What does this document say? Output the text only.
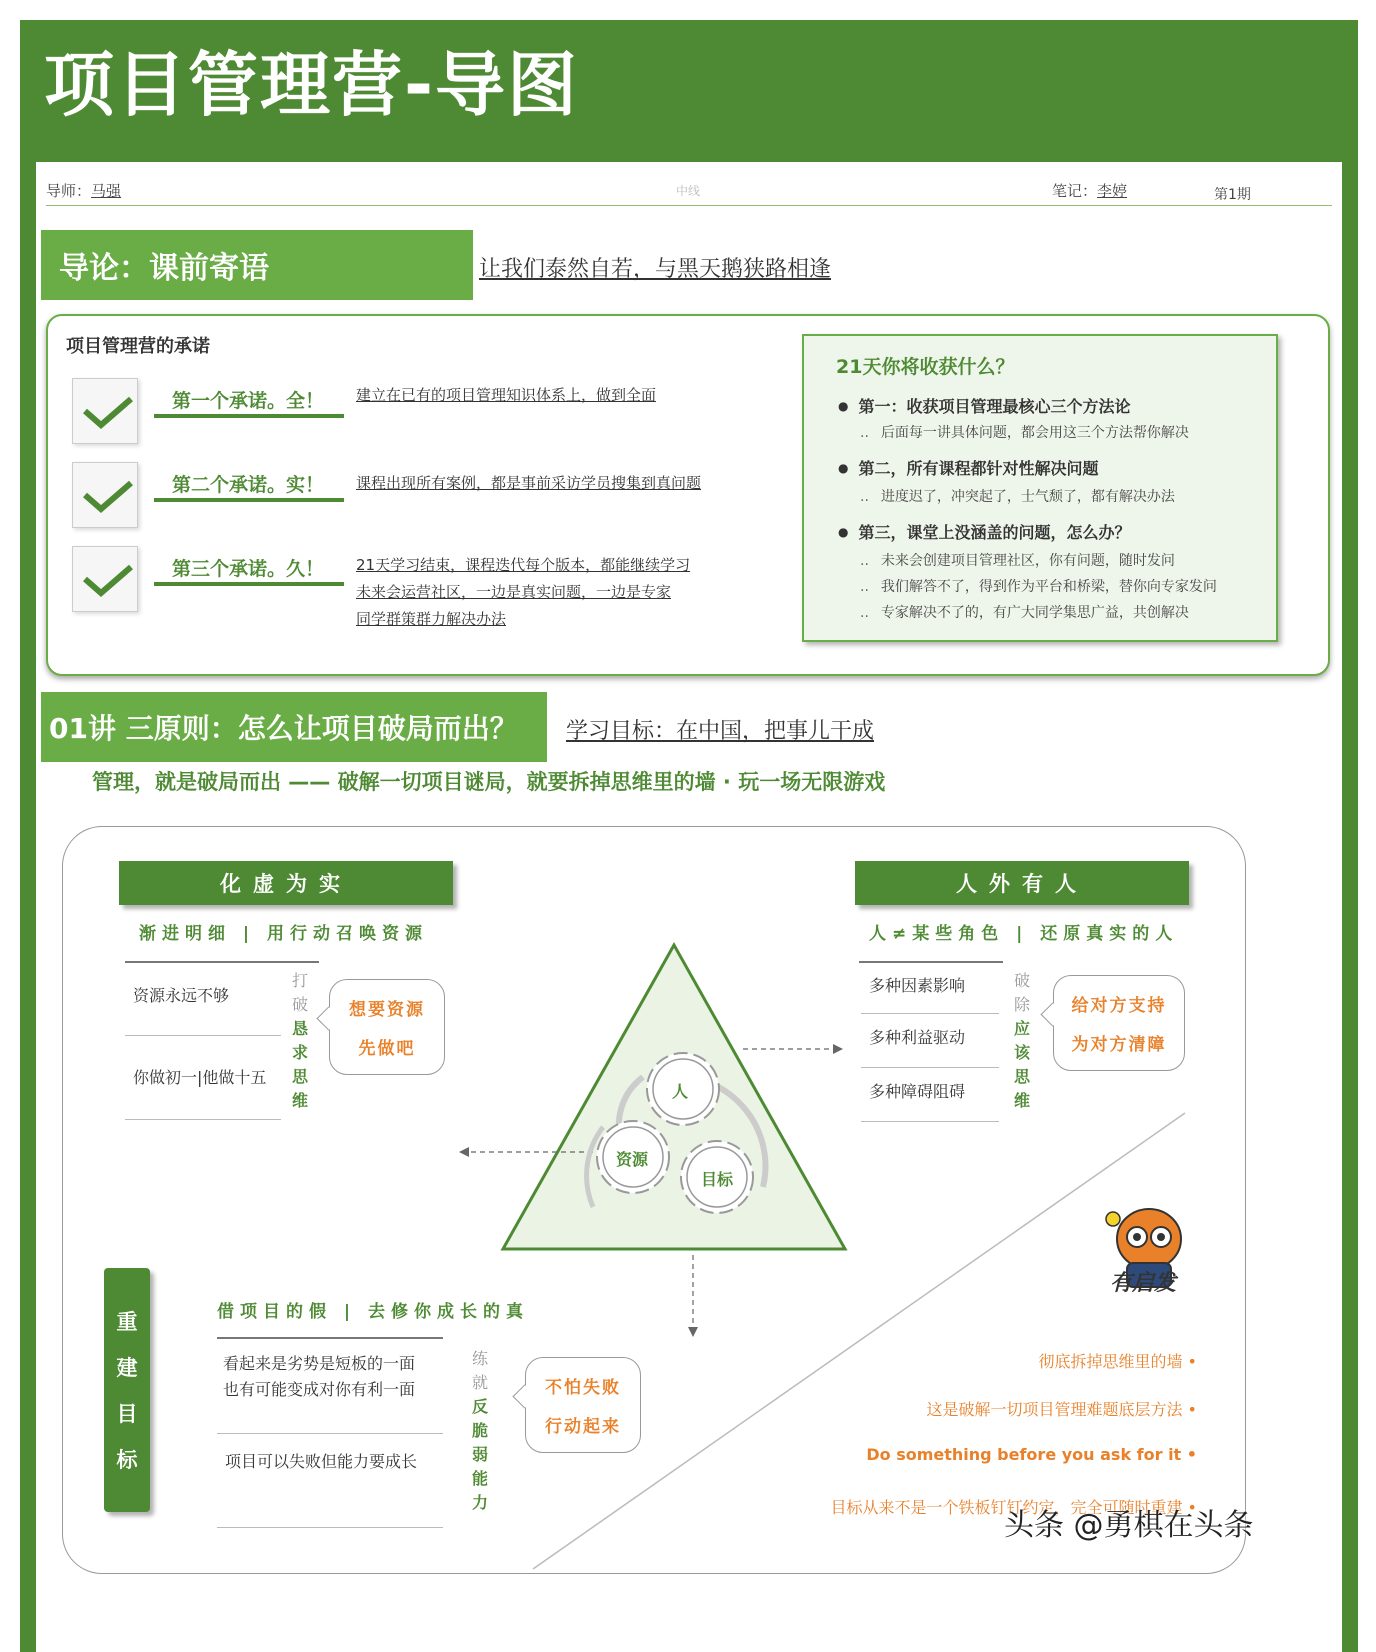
项目管理营-导图
导师：马强	中线	笔记：李婷	第1期
导论：课前寄语	让我们泰然自若，与黑天鹅狭路相逢
项目管理营的承诺
第一个承诺。全！ 建立在已有的项目管理知识体系上，做到全面
第二个承诺。实！ 课程出现所有案例，都是事前采访学员搜集到真问题
第三个承诺。久！ 21天学习结束，课程迭代每个版本，都能继续学习
未来会运营社区，一边是真实问题，一边是专家
同学群策群力解决办法
21天你将收获什么？
● 第一：收获项目管理最核心三个方法论
.. 后面每一讲具体问题，都会用这三个方法帮你解决
● 第二，所有课程都针对性解决问题
.. 进度迟了，冲突起了，士气颓了，都有解决办法
● 第三，课堂上没涵盖的问题，怎么办？
.. 未来会创建项目管理社区，你有问题，随时发问
.. 我们解答不了，得到作为平台和桥梁，替你向专家发问
.. 专家解决不了的，有广大同学集思广益，共创解决
01讲 三原则：怎么让项目破局而出？	学习目标：在中国，把事儿干成
管理，就是破局而出 —— 破解一切项目谜局，就要拆掉思维里的墙 · 玩一场无限游戏
人
资源
目标
化虚为实
渐进明细 | 用行动召唤资源
资源永远不够
你做初一|他做十五
打
破
恳
求
思
维
想要资源
先做吧
人外有人
人≠某些角色 | 还原真实的人
多种因素影响
多种利益驱动
多种障碍阻碍
破
除
应
该
思
维
给对方支持
为对方清障
借项目的假 | 去修你成长的真
看起来是劣势是短板的一面
也有可能变成对你有利一面
项目可以失败但能力要成长
练
就
反
脆
弱
能
力
不怕失败
行动起来
彻底拆掉思维里的墙 •
这是破解一切项目管理难题底层方法 •
Do something before you ask for it •
目标从来不是一个铁板钉钉约定，完全可随时重建 •
重
建
目
标
有启发
头条 @勇棋在头条
